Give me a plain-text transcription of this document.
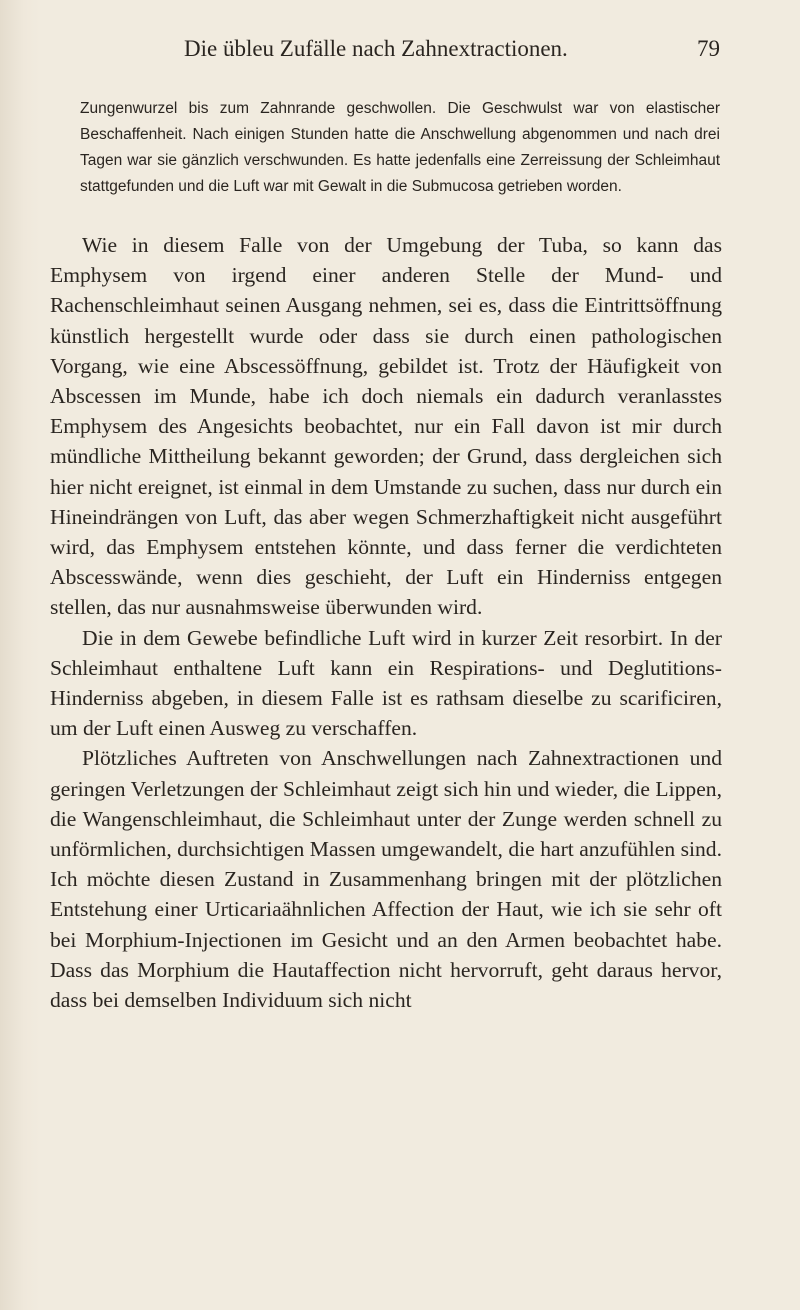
Die übleu Zufälle nach Zahnextractionen.	79
Zungenwurzel bis zum Zahnrande geschwollen. Die Geschwulst war von elastischer Beschaffenheit. Nach einigen Stunden hatte die Anschwellung abgenommen und nach drei Tagen war sie gänzlich verschwunden. Es hatte jedenfalls eine Zerreissung der Schleimhaut stattgefunden und die Luft war mit Gewalt in die Submucosa getrieben worden.

Wie in diesem Falle von der Umgebung der Tuba, so kann das Emphysem von irgend einer anderen Stelle der Mund- und Rachenschleimhaut seinen Ausgang nehmen, sei es, dass die Eintrittsöffnung künstlich hergestellt wurde oder dass sie durch einen pathologischen Vorgang, wie eine Abscessöffnung, gebildet ist. Trotz der Häufigkeit von Abscessen im Munde, habe ich doch niemals ein dadurch veranlasstes Emphysem des Angesichts beobachtet, nur ein Fall davon ist mir durch mündliche Mittheilung bekannt geworden; der Grund, dass dergleichen sich hier nicht ereignet, ist einmal in dem Umstande zu suchen, dass nur durch ein Hineindrängen von Luft, das aber wegen Schmerzhaftigkeit nicht ausgeführt wird, das Emphysem entstehen könnte, und dass ferner die verdichteten Abscesswände, wenn dies geschieht, der Luft ein Hinderniss entgegen stellen, das nur ausnahmsweise überwunden wird.

Die in dem Gewebe befindliche Luft wird in kurzer Zeit resorbirt. In der Schleimhaut enthaltene Luft kann ein Respirations- und Deglutitions-Hinderniss abgeben, in diesem Falle ist es rathsam dieselbe zu scarificiren, um der Luft einen Ausweg zu verschaffen.

Plötzliches Auftreten von Anschwellungen nach Zahnextractionen und geringen Verletzungen der Schleimhaut zeigt sich hin und wieder, die Lippen, die Wangenschleimhaut, die Schleimhaut unter der Zunge werden schnell zu unförmlichen, durchsichtigen Massen umgewandelt, die hart anzufühlen sind. Ich möchte diesen Zustand in Zusammenhang bringen mit der plötzlichen Entstehung einer Urticariaähnlichen Affection der Haut, wie ich sie sehr oft bei Morphium-Injectionen im Gesicht und an den Armen beobachtet habe. Dass das Morphium die Hautaffection nicht hervorruft, geht daraus hervor, dass bei demselben Individuum sich nicht
